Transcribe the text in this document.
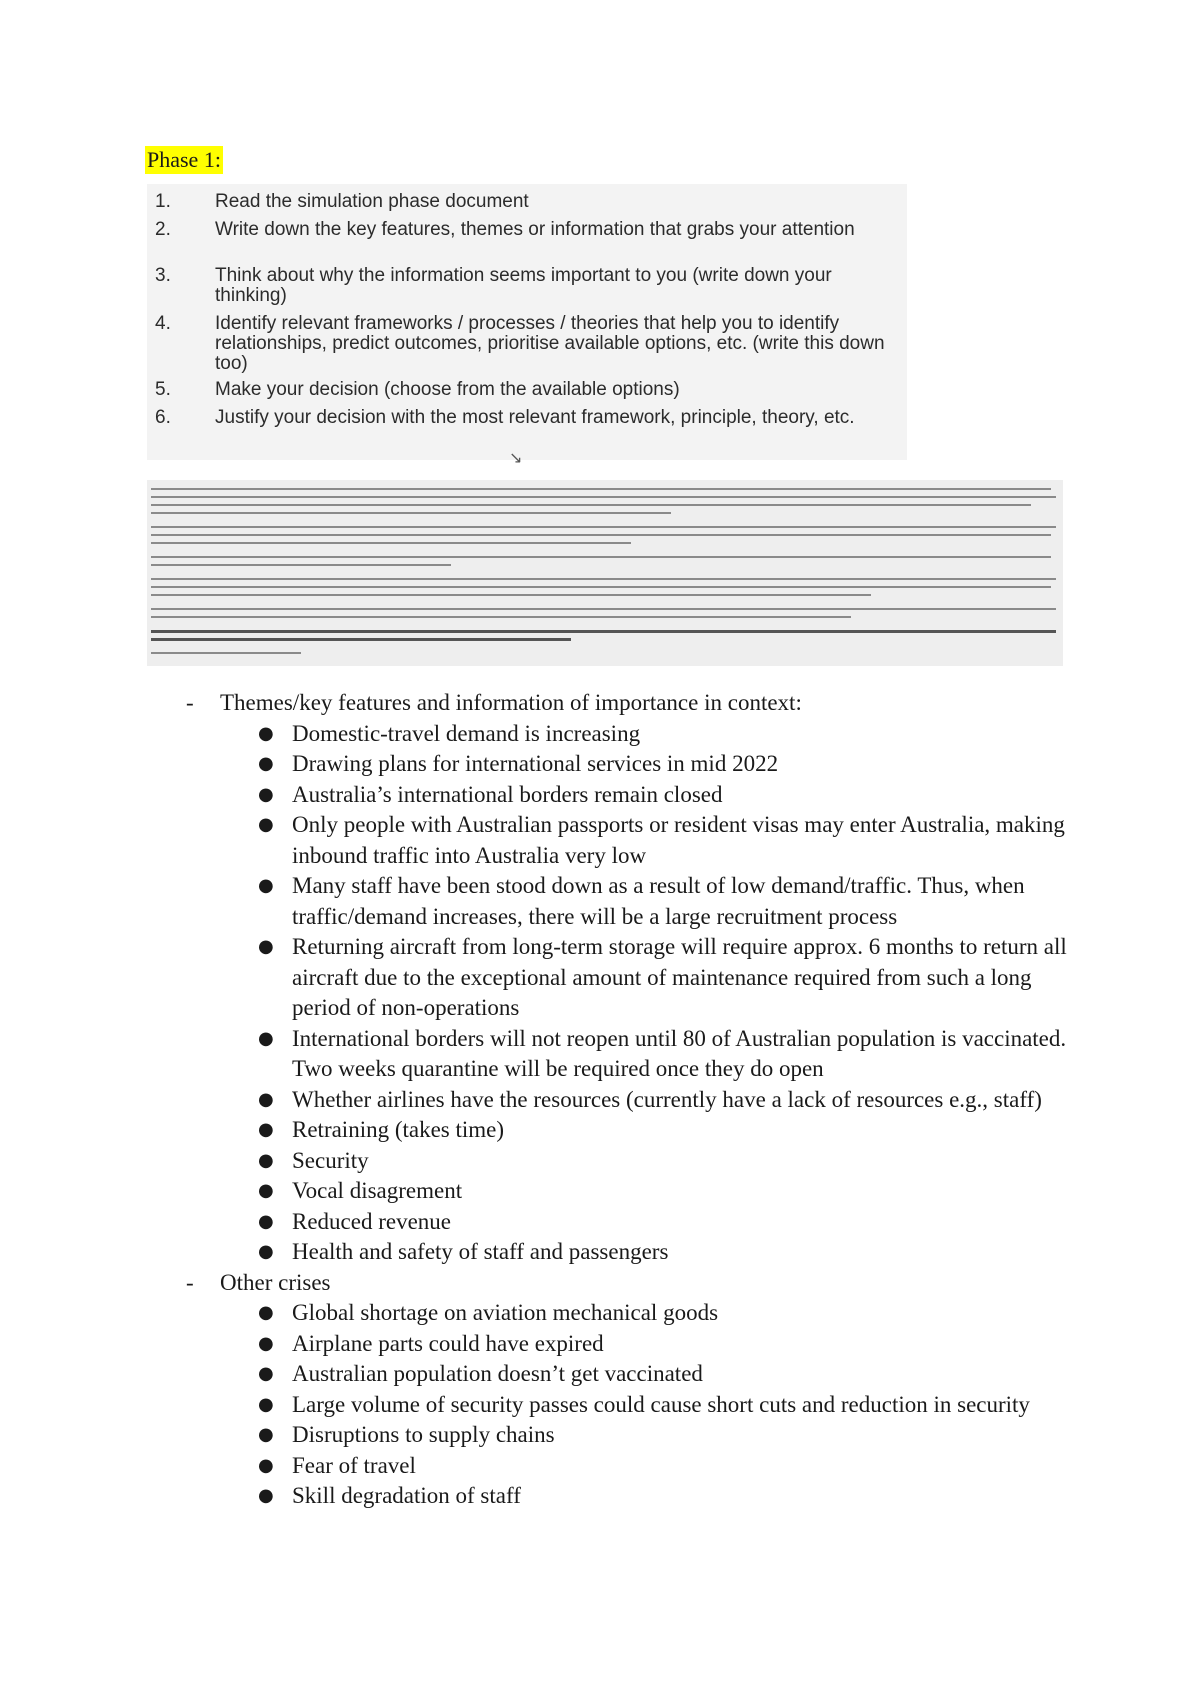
Phase 1:
1.	Read the simulation phase document
2.	Write down the key features, themes or information that grabs your attention
3.	Think about why the information seems important to you (write down your thinking)
4.	Identify relevant frameworks / processes / theories that help you to identify relationships, predict outcomes, prioritise available options, etc. (write this down too)
5.	Make your decision (choose from the available options)
6.	Justify your decision with the most relevant framework, principle, theory, etc.
↘
- Themes/key features and information of importance in context:
● Domestic-travel demand is increasing
● Drawing plans for international services in mid 2022
● Australia’s international borders remain closed
● Only people with Australian passports or resident visas may enter Australia, making inbound traffic into Australia very low
● Many staff have been stood down as a result of low demand/traffic. Thus, when traffic/demand increases, there will be a large recruitment process
● Returning aircraft from long-term storage will require approx. 6 months to return all aircraft due to the exceptional amount of maintenance required from such a long period of non-operations
● International borders will not reopen until 80 of Australian population is vaccinated. Two weeks quarantine will be required once they do open
● Whether airlines have the resources (currently have a lack of resources e.g., staff)
● Retraining (takes time)
● Security
● Vocal disagrement
● Reduced revenue
● Health and safety of staff and passengers
- Other crises
● Global shortage on aviation mechanical goods
● Airplane parts could have expired
● Australian population doesn’t get vaccinated
● Large volume of security passes could cause short cuts and reduction in security
● Disruptions to supply chains
● Fear of travel
● Skill degradation of staff
